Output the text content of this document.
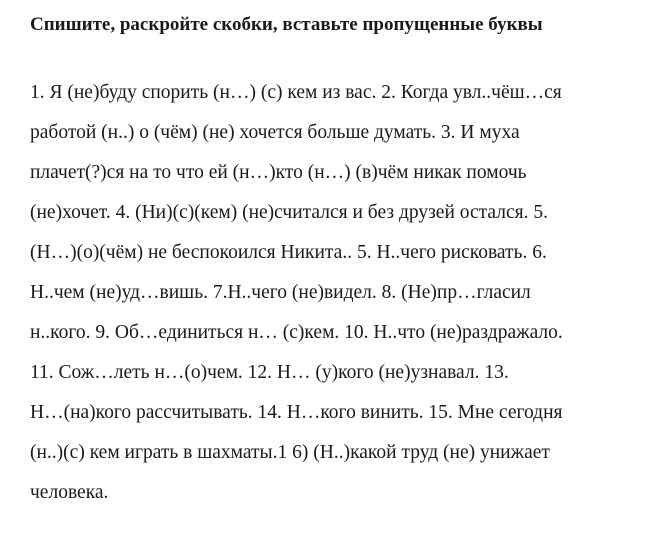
Спишите, раскройте скобки, вставьте пропущенные буквы
1. Я (не)буду спорить (н…) (с) кем из вас. 2. Когда увл..чёш…ся
работой (н..) о (чём) (не) хочется больше думать. 3. И муха
плачет(?)ся на то что ей (н…)кто (н…) (в)чём никак помочь
(не)хочет. 4. (Ни)(с)(кем) (не)считался и без друзей остался. 5.
(Н…)(о)(чём) не беспокоился Никита.. 5. Н..чего рисковать. 6.
Н..чем (не)уд…вишь. 7.Н..чего (не)видел. 8. (Не)пр…гласил
н..кого. 9. Об…единиться н… (с)кем. 10. Н..что (не)раздражало.
11. Сож…леть н…(о)чем. 12. Н… (у)кого (не)узнавал. 13.
Н…(на)кого рассчитывать. 14. Н…кого винить. 15. Мне сегодня
(н..)(с) кем играть в шахматы.1 6) (Н..)какой труд (не) унижает
человека.
